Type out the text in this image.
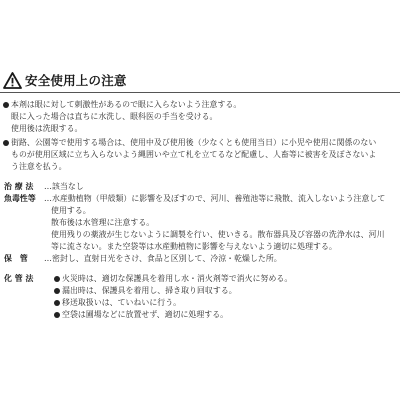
安全使用上の注意
本剤は眼に対して刺激性があるので眼に入らないよう注意する。
眼に入った場合は直ちに水洗し、眼科医の手当を受ける。
使用後は洗眼する。
街路、公園等で使用する場合は、使用中及び使用後（少なくとも使用当日）に小児や使用に関係のない
ものが使用区域に立ち入らないよう縄囲いや立て札を立てるなど配慮し、人畜等に被害を及ぼさないよ
う注意を払う。
治 療 法 …該当なし
魚毒性等 …水産動植物（甲殻類）に影響を及ぼすので、河川、養殖池等に飛散、流入しないよう注意して
使用する。
散布後は水管理に注意する。
使用残りの薬液が生じないように調製を行い、使いきる。散布器具及び容器の洗浄水は、河川
等に流さない。また空袋等は水産動植物に影響を与えないよう適切に処理する。
保　管 …密封し、直射日光をさけ、食品と区別して、冷涼・乾燥した所。
化 管 法	火災時は、適切な保護具を着用し水・消火剤等で消火に努める。
漏出時は、保護具を着用し、掃き取り回収する。
移送取扱いは、ていねいに行う。
空袋は圃場などに放置せず、適切に処理する。
